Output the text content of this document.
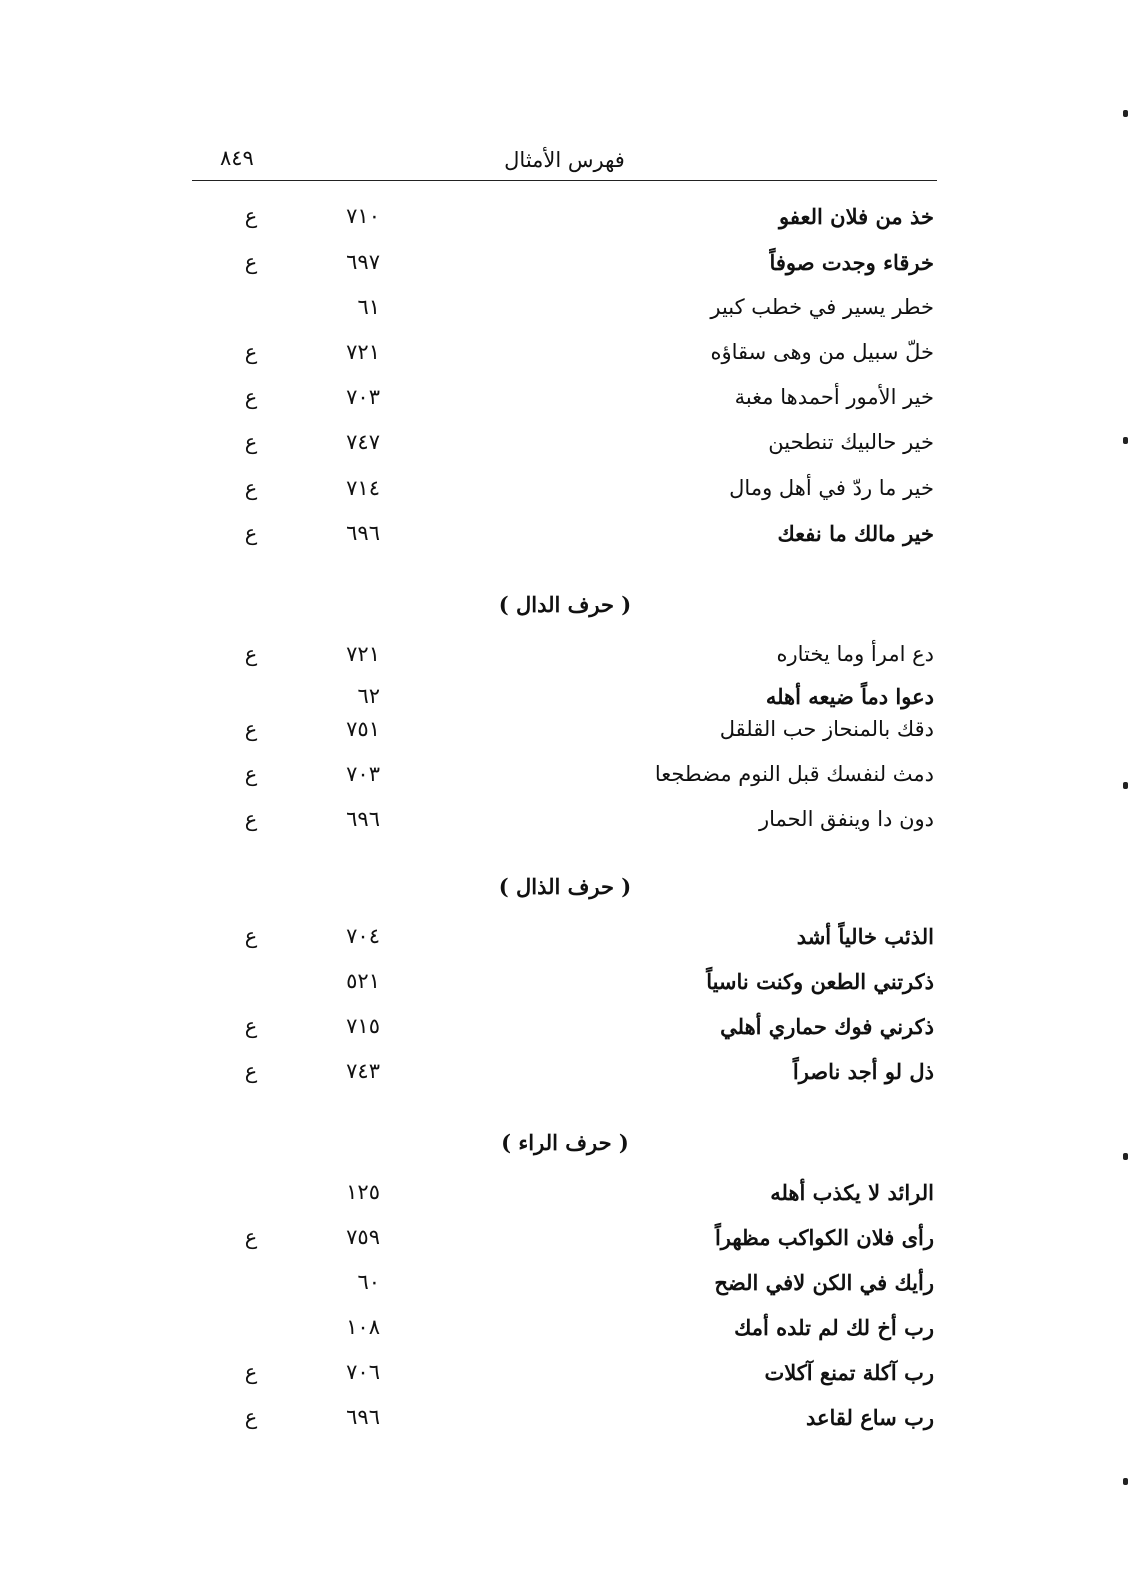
فهرس الأمثال
٨٤٩
خذ من فلان العفو
٧١٠
ع
خرقاء وجدت صوفاً
٦٩٧
ع
خطر يسير في خطب كبير
٦١
خلّ سبيل من وهى سقاؤه
٧٢١
ع
خير الأمور أحمدها مغبة
٧٠٣
ع
خير حالبيك تنطحين
٧٤٧
ع
خير ما ردّ في أهل ومال
٧١٤
ع
خير مالك ما نفعك
٦٩٦
ع
( حرف الدال )
دع امرأ وما يختاره
٧٢١
ع
دعوا دماً ضيعه أهله
٦٢
دقك بالمنحاز حب القلقل
٧٥١
ع
دمث لنفسك قبل النوم مضطجعا
٧٠٣
ع
دون دا وينفق الحمار
٦٩٦
ع
( حرف الذال )
الذئب خالياً أشد
٧٠٤
ع
ذكرتني الطعن وكنت ناسياً
٥٢١
ذكرني فوك حماري أهلي
٧١٥
ع
ذل لو أجد ناصراً
٧٤٣
ع
( حرف الراء )
الرائد لا يكذب أهله
١٢٥
رأى فلان الكواكب مظهراً
٧٥٩
ع
رأيك في الكن لافي الضح
٦٠
رب أخ لك لم تلده أمك
١٠٨
رب آكلة تمنع آكلات
٧٠٦
ع
رب ساع لقاعد
٦٩٦
ع
